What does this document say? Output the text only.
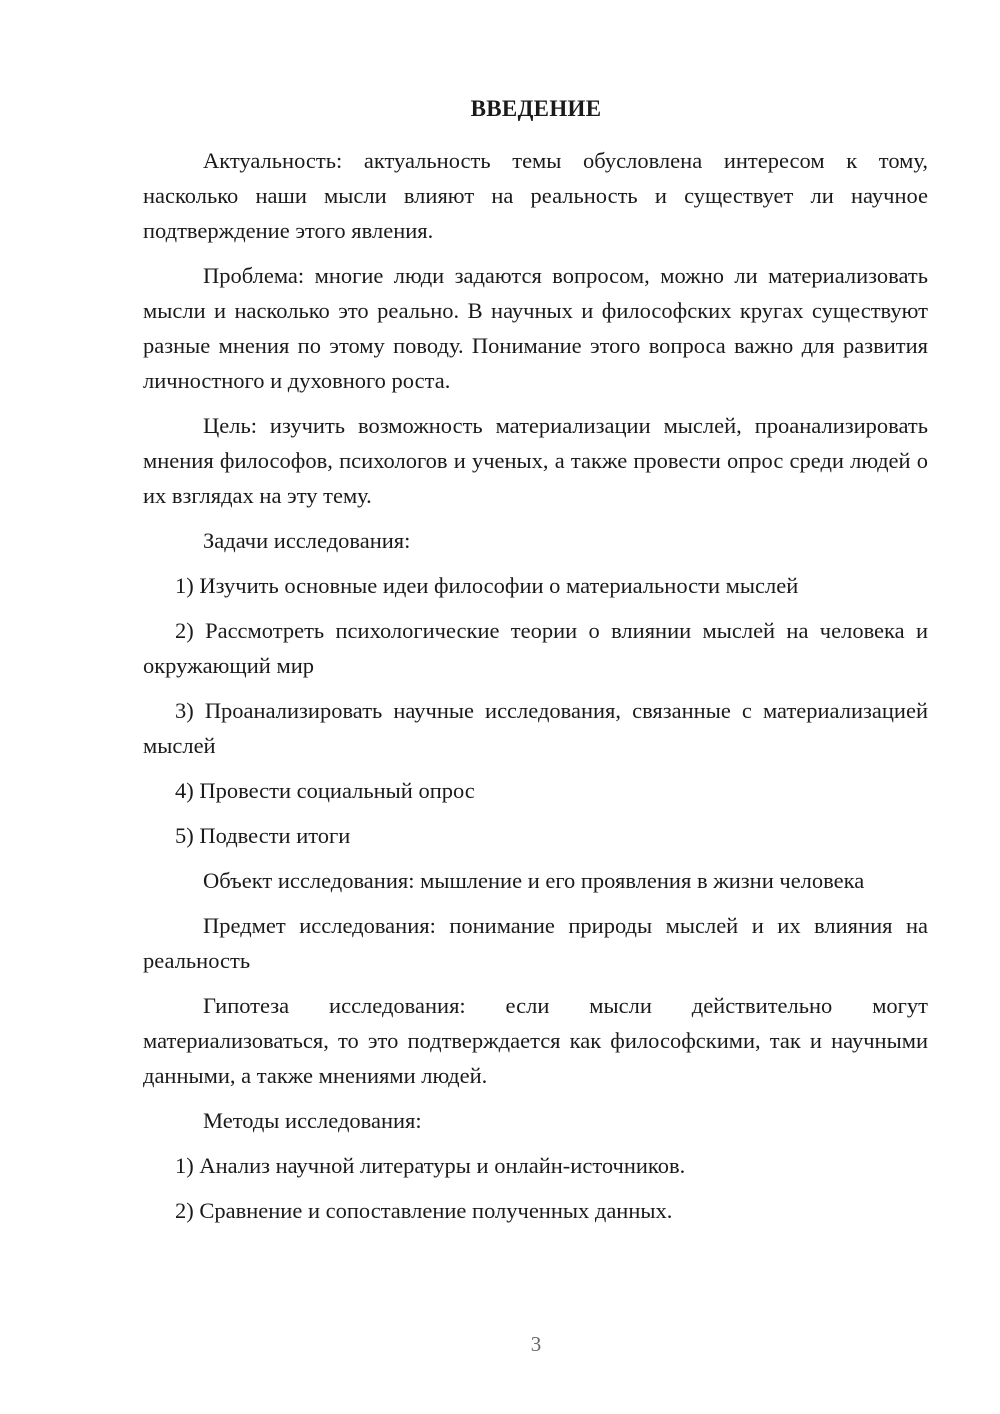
ВВЕДЕНИЕ

Актуальность: актуальность темы обусловлена интересом к тому, насколько наши мысли влияют на реальность и существует ли научное подтверждение этого явления.

Проблема: многие люди задаются вопросом, можно ли материализовать мысли и насколько это реально. В научных и философских кругах существуют разные мнения по этому поводу. Понимание этого вопроса важно для развития личностного и духовного роста.

Цель: изучить возможность материализации мыслей, проанализировать мнения философов, психологов и ученых, а также провести опрос среди людей о их взглядах на эту тему.

Задачи исследования:

1) Изучить основные идеи философии о материальности мыслей

2) Рассмотреть психологические теории о влиянии мыслей на человека и окружающий мир

3) Проанализировать научные исследования, связанные с материализацией мыслей

4) Провести социальный опрос

5) Подвести итоги

Объект исследования: мышление и его проявления в жизни человека

Предмет исследования: понимание природы мыслей и их влияния на реальность

Гипотеза исследования: если мысли действительно могут материализоваться, то это подтверждается как философскими, так и научными данными, а также мнениями людей.

Методы исследования:

1) Анализ научной литературы и онлайн-источников.

2) Сравнение и сопоставление полученных данных.

3
